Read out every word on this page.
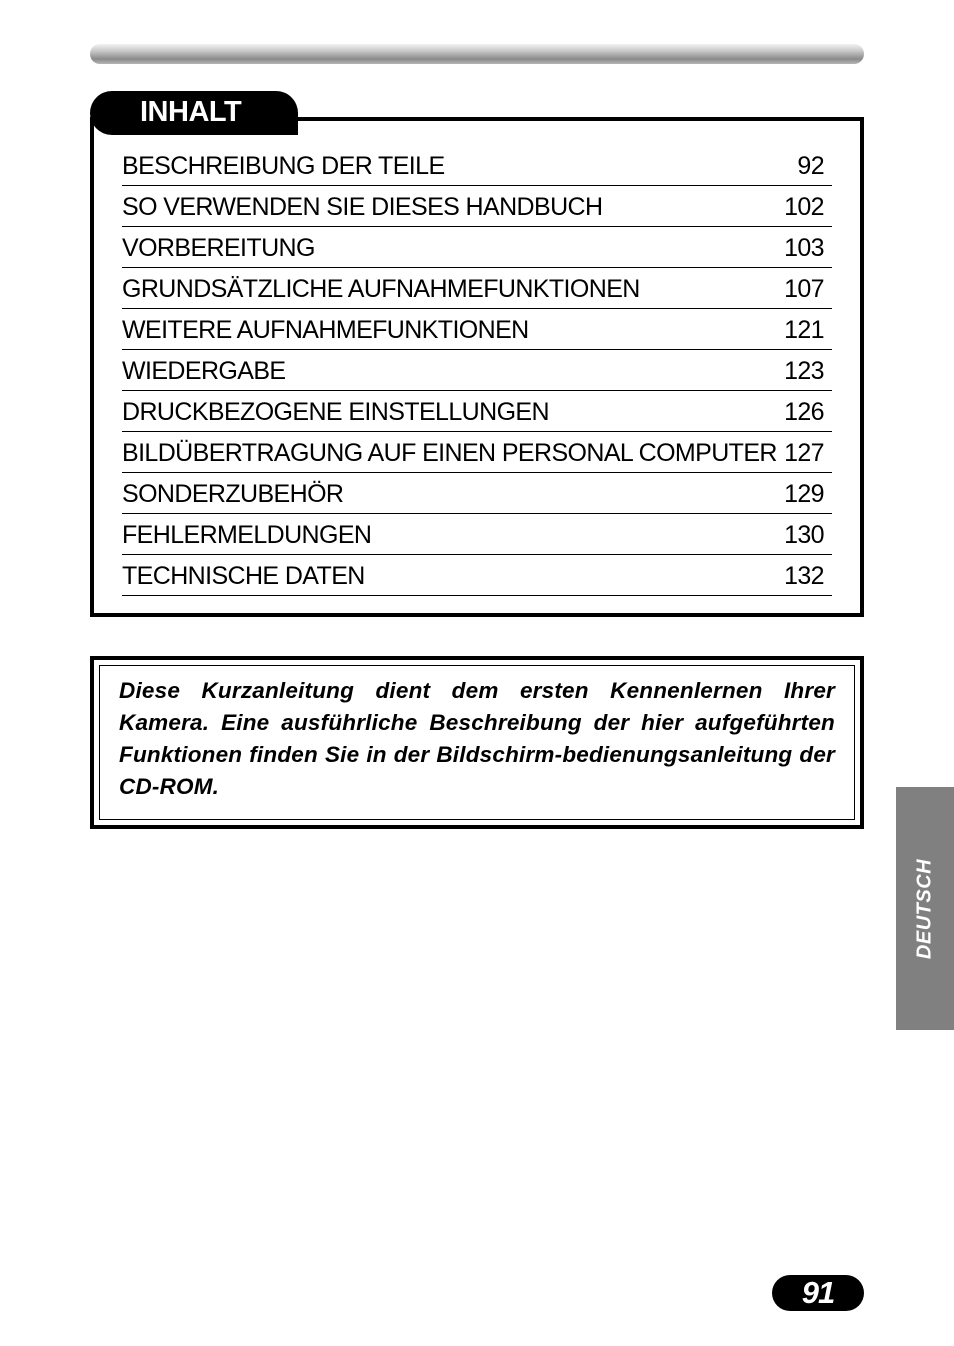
INHALT
BESCHREIBUNG DER TEILE	92
SO VERWENDEN SIE DIESES HANDBUCH	102
VORBEREITUNG	103
GRUNDSÄTZLICHE AUFNAHMEFUNKTIONEN	107
WEITERE AUFNAHMEFUNKTIONEN	121
WIEDERGABE	123
DRUCKBEZOGENE EINSTELLUNGEN	126
BILDÜBERTRAGUNG AUF EINEN PERSONAL COMPUTER 127
SONDERZUBEHÖR	129
FEHLERMELDUNGEN	130
TECHNISCHE DATEN	132

Diese Kurzanleitung dient dem ersten Kennenlernen Ihrer Kamera. Eine ausführliche Beschreibung der hier aufgeführten Funktionen finden Sie in der Bildschirm-bedienungsanleitung der CD-ROM.

DEUTSCH
91
